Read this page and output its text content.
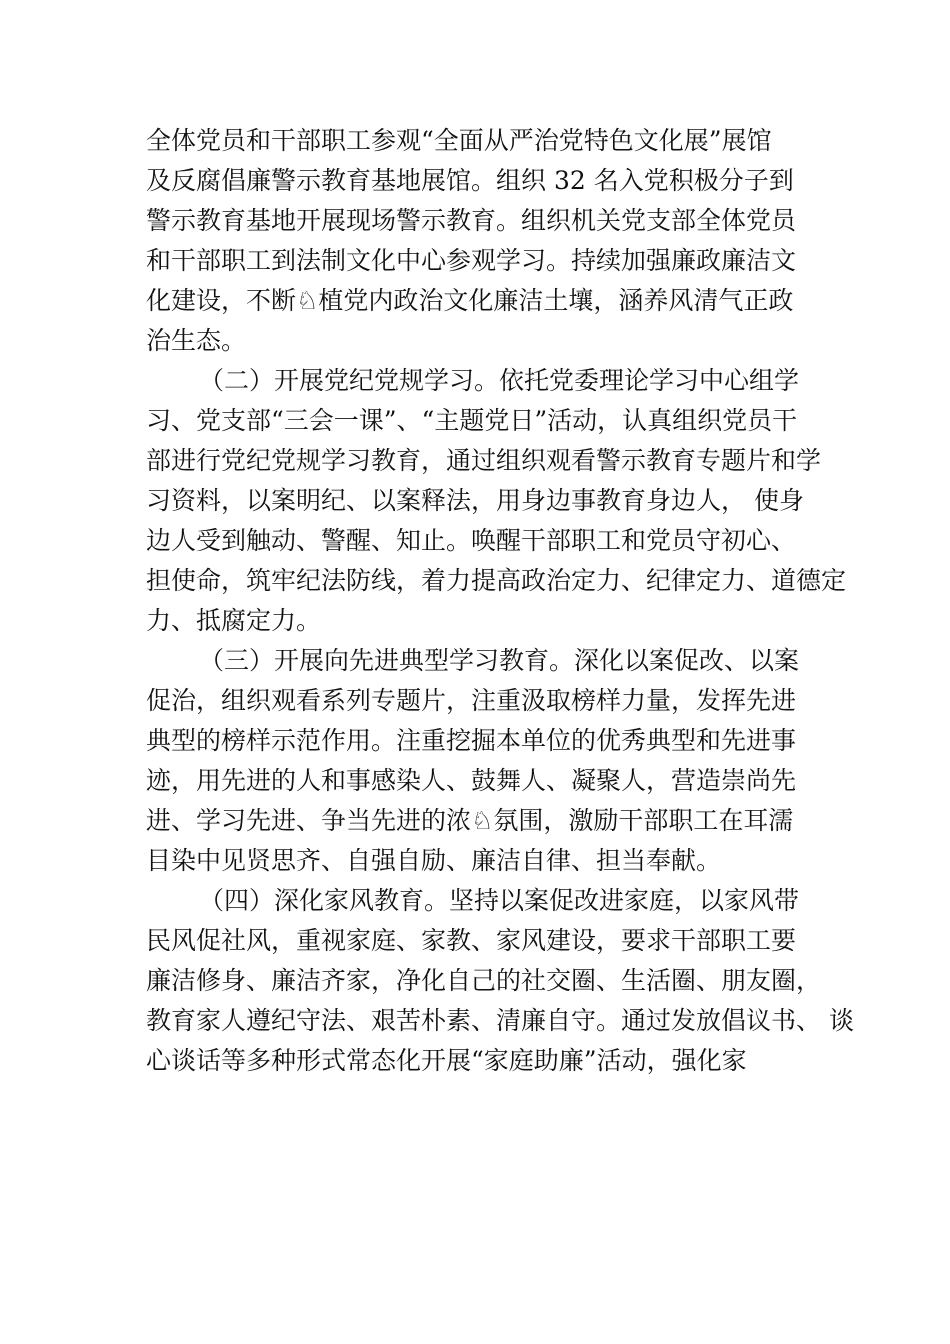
全体党员和干部职工参观“全面从严治党特色文化展”展馆
及反腐倡廉警示教育基地展馆。组织 32 名入党积极分子到
警示教育基地开展现场警示教育。组织机关党支部全体党员
和干部职工到法制文化中心参观学习。持续加强廉政廉洁文
化建设，不断♘植党内政治文化廉洁土壤，涵养风清气正政
治生态。
（二）开展党纪党规学习。依托党委理论学习中心组学
习、党支部“三会一课”、“主题党日”活动，认真组织党员干
部进行党纪党规学习教育，通过组织观看警示教育专题片和学
习资料，以案明纪、以案释法，用身边事教育身边人， 使身
边人受到触动、警醒、知止。唤醒干部职工和党员守初心、
担使命，筑牢纪法防线，着力提高政治定力、纪律定力、道德定
力、抵腐定力。
（三）开展向先进典型学习教育。深化以案促改、以案
促治，组织观看系列专题片，注重汲取榜样力量，发挥先进
典型的榜样示范作用。注重挖掘本单位的优秀典型和先进事
迹，用先进的人和事感染人、鼓舞人、凝聚人，营造崇尚先
进、学习先进、争当先进的浓♘氛围，激励干部职工在耳濡
目染中见贤思齐、自强自励、廉洁自律、担当奉献。
（四）深化家风教育。坚持以案促改进家庭，以家风带
民风促社风，重视家庭、家教、家风建设，要求干部职工要
廉洁修身、廉洁齐家，净化自己的社交圈、生活圈、朋友圈，
教育家人遵纪守法、艰苦朴素、清廉自守。通过发放倡议书、 谈
心谈话等多种形式常态化开展“家庭助廉”活动，强化家
